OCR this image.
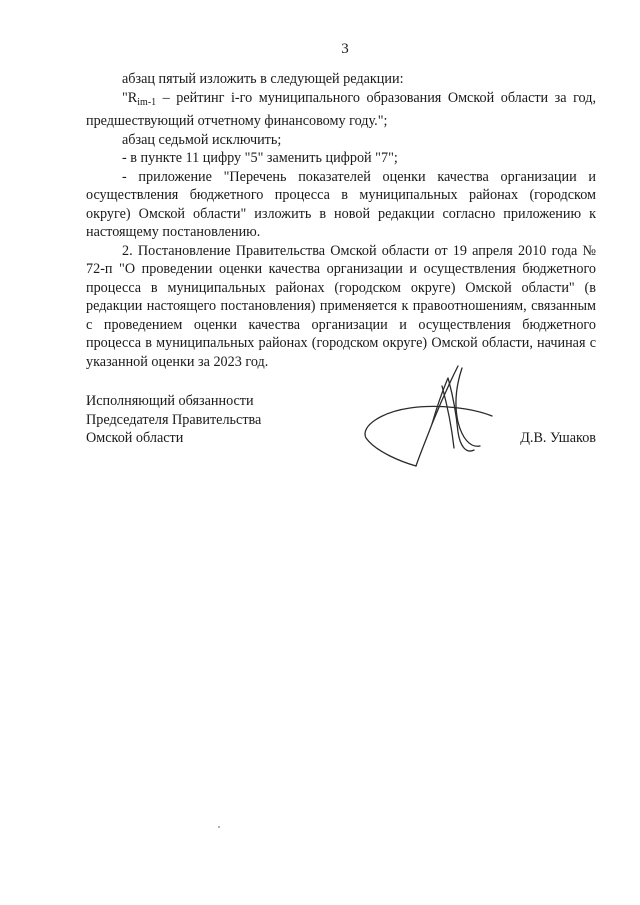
3

абзац пятый изложить в следующей редакции:

"$R_{im-1}$ – рейтинг i-го муниципального образования Омской области за год, предшествующий отчетному финансовому году.";

абзац седьмой исключить;

- в пункте 11 цифру "5" заменить цифрой "7";

- приложение "Перечень показателей оценки качества организации и осуществления бюджетного процесса в муниципальных районах (городском округе) Омской области" изложить в новой редакции согласно приложению к настоящему постановлению.

2. Постановление Правительства Омской области от 19 апреля 2010 года № 72-п "О проведении оценки качества организации и осуществления бюджетного процесса в муниципальных районах (городском округе) Омской области" (в редакции настоящего постановления) применяется к правоотношениям, связанным с проведением оценки качества организации и осуществления бюджетного процесса в муниципальных районах (городском округе) Омской области, начиная с указанной оценки за 2023 год.

Исполняющий обязанности
Председателя Правительства
Омской области	Д.В. Ушаков
